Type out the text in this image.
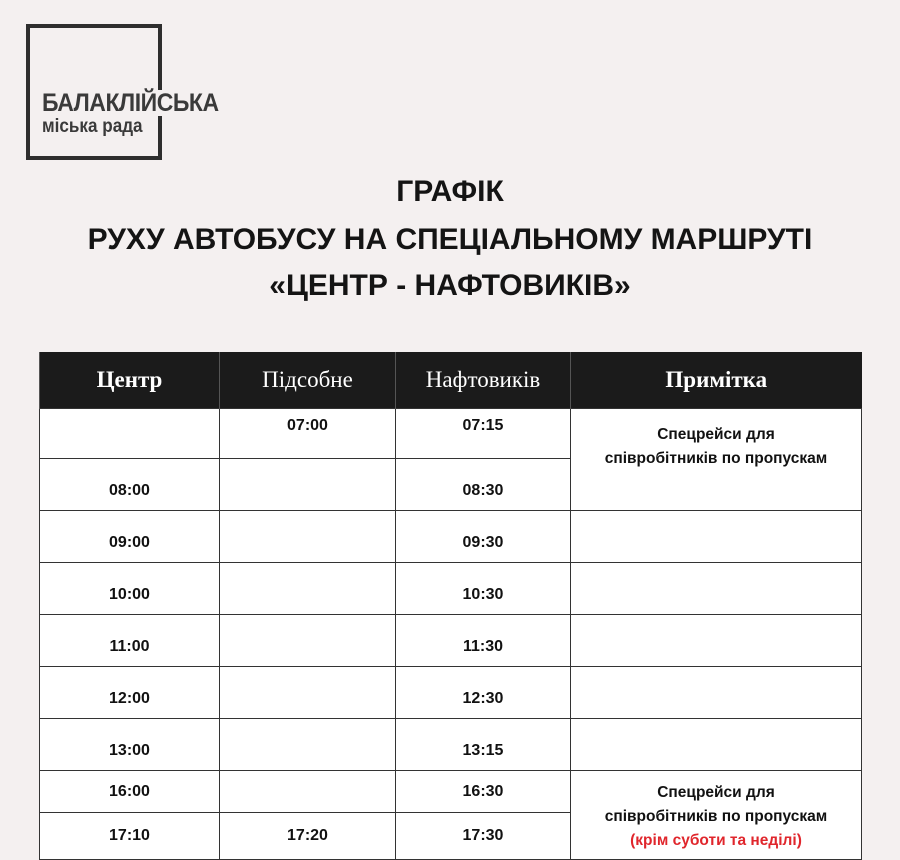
БАЛАКЛІЙСЬКА
міська рада
ГРАФІК
РУХУ АВТОБУСУ НА СПЕЦІАЛЬНОМУ МАРШРУТІ
«ЦЕНТР - НАФТОВИКІВ»
Центр	Підсобне	Нафтовиків	Примітка
	07:00	07:15	Спецрейси для
співробітників по пропускам

08:00		08:30	
09:00		09:30	
10:00		10:30	
11:00		11:30	
12:00		12:30	
13:00		13:15	
16:00		16:30	Спецрейси для
співробітників по пропускам
(крім суботи та неділі)

17:10	17:20	17:30	
